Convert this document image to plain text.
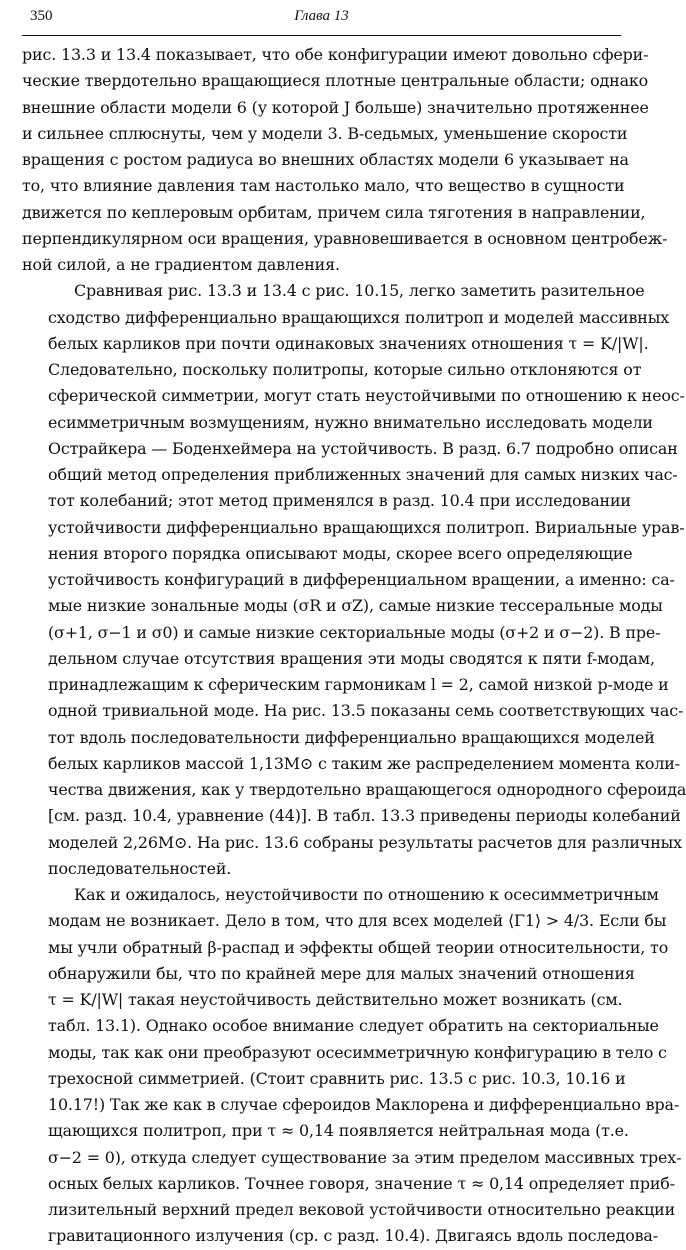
350	Глава 13
рис. 13.3 и 13.4 показывает, что обе конфигурации имеют довольно сфери-
ческие твердотельно вращающиеся плотные центральные области; однако
внешние области модели 6 (у которой J больше) значительно протяженнее
и сильнее сплюснуты, чем у модели 3. В-седьмых, уменьшение скорости
вращения с ростом радиуса во внешних областях модели 6 указывает на
то, что влияние давления там настолько мало, что вещество в сущности
движется по кеплеровым орбитам, причем сила тяготения в направлении,
перпендикулярном оси вращения, уравновешивается в основном центробеж-
ной силой, а не градиентом давления.
Сравнивая рис. 13.3 и 13.4 с рис. 10.15, легко заметить разительное
сходство дифференциально вращающихся политроп и моделей массивных
белых карликов при почти одинаковых значениях отношения τ = K/|W|.
Следовательно, поскольку политропы, которые сильно отклоняются от
сферической симметрии, могут стать неустойчивыми по отношению к неос-
есимметричным возмущениям, нужно внимательно исследовать модели
Острайкера — Боденхеймера на устойчивость. В разд. 6.7 подробно описан
общий метод определения приближенных значений для самых низких час-
тот колебаний; этот метод применялся в разд. 10.4 при исследовании
устойчивости дифференциально вращающихся политроп. Вириальные урав-
нения второго порядка описывают моды, скорее всего определяющие
устойчивость конфигураций в дифференциальном вращении, а именно: са-
мые низкие зональные моды (σR и σZ), самые низкие тессеральные моды
(σ+1, σ−1 и σ0) и самые низкие секториальные моды (σ+2 и σ−2). В пре-
дельном случае отсутствия вращения эти моды сводятся к пяти f-модам,
принадлежащим к сферическим гармоникам l = 2, самой низкой p-моде и
одной тривиальной моде. На рис. 13.5 показаны семь соответствующих час-
тот вдоль последовательности дифференциально вращающихся моделей
белых карликов массой 1,13M⊙ с таким же распределением момента коли-
чества движения, как у твердотельно вращающегося однородного сфероида
[см. разд. 10.4, уравнение (44)]. В табл. 13.3 приведены периоды колебаний
моделей 2,26M⊙. На рис. 13.6 собраны результаты расчетов для различных
последовательностей.
Как и ожидалось, неустойчивости по отношению к осесимметричным
модам не возникает. Дело в том, что для всех моделей ⟨Γ1⟩ > 4/3. Если бы
мы учли обратный β-распад и эффекты общей теории относительности, то
обнаружили бы, что по крайней мере для малых значений отношения
τ = K/|W| такая неустойчивость действительно может возникать (см.
табл. 13.1). Однако особое внимание следует обратить на секториальные
моды, так как они преобразуют осесимметричную конфигурацию в тело с
трехосной симметрией. (Стоит сравнить рис. 13.5 с рис. 10.3, 10.16 и
10.17!) Так же как в случае сфероидов Маклорена и дифференциально вра-
щающихся политроп, при τ ≈ 0,14 появляется нейтральная мода (т.е.
σ−2 = 0), откуда следует существование за этим пределом массивных трех-
осных белых карликов. Точнее говоря, значение τ ≈ 0,14 определяет приб-
лизительный верхний предел вековой устойчивости относительно реакции
гравитационного излучения (ср. с разд. 10.4). Двигаясь вдоль последова-
